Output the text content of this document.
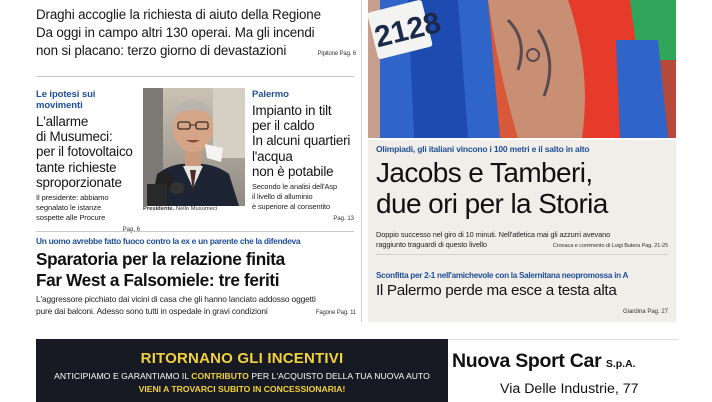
Draghi accoglie la richiesta di aiuto della Regione
Da oggi in campo altri 130 operai. Ma gli incendi
non si placano: terzo giorno di devastazioni	Pipitone Pag. 6
Le ipotesi sui movimenti
L'allarme
di Musumeci:
per il fotovoltaico
tante richieste
sproporzionate
Il presidente: abbiamo
segnalato le istanze
sospette alle Procure
Presidente. Nello Musumeci
Palermo
Impianto in tilt
per il caldo
In alcuni quartieri
l'acqua
non è potabile
Secondo le analisi dell'Asp
il livello di alluminio
è superiore al consentito
Pag. 13
Un uomo avrebbe fatto fuoco contro la ex e un parente che la difendeva
Sparatoria per la relazione finita
Far West a Falsomiele: tre feriti
L'aggressore picchiato dai vicini di casa che gli hanno lanciato addosso oggetti
pure dai balconi. Adesso sono tutti in ospedale in gravi condizioni	Fagone Pag. 11
2128
Olimpiadi, gli italiani vincono i 100 metri e il salto in alto
Jacobs e Tamberi,
due ori per la Storia
Doppio successo nel giro di 10 minuti. Nell'atletica mai gli azzurri avevano
raggiunto traguardi di questo livello	Cronaca e commento di Luigi Butera Pag. 21-25
Sconfitta per 2-1 nell'amichevole con la Salernitana neopromossa in A
Il Palermo perde ma esce a testa alta
Giardina Pag. 27
RITORNANO GLI INCENTIVI
ANTICIPIAMO E GARANTIAMO IL CONTRIBUTO PER L'ACQUISTO DELLA TUA NUOVA AUTO
VIENI A TROVARCI SUBITO IN CONCESSIONARIA!
Nuova Sport Car S.p.A.
Via Delle Industrie, 77
